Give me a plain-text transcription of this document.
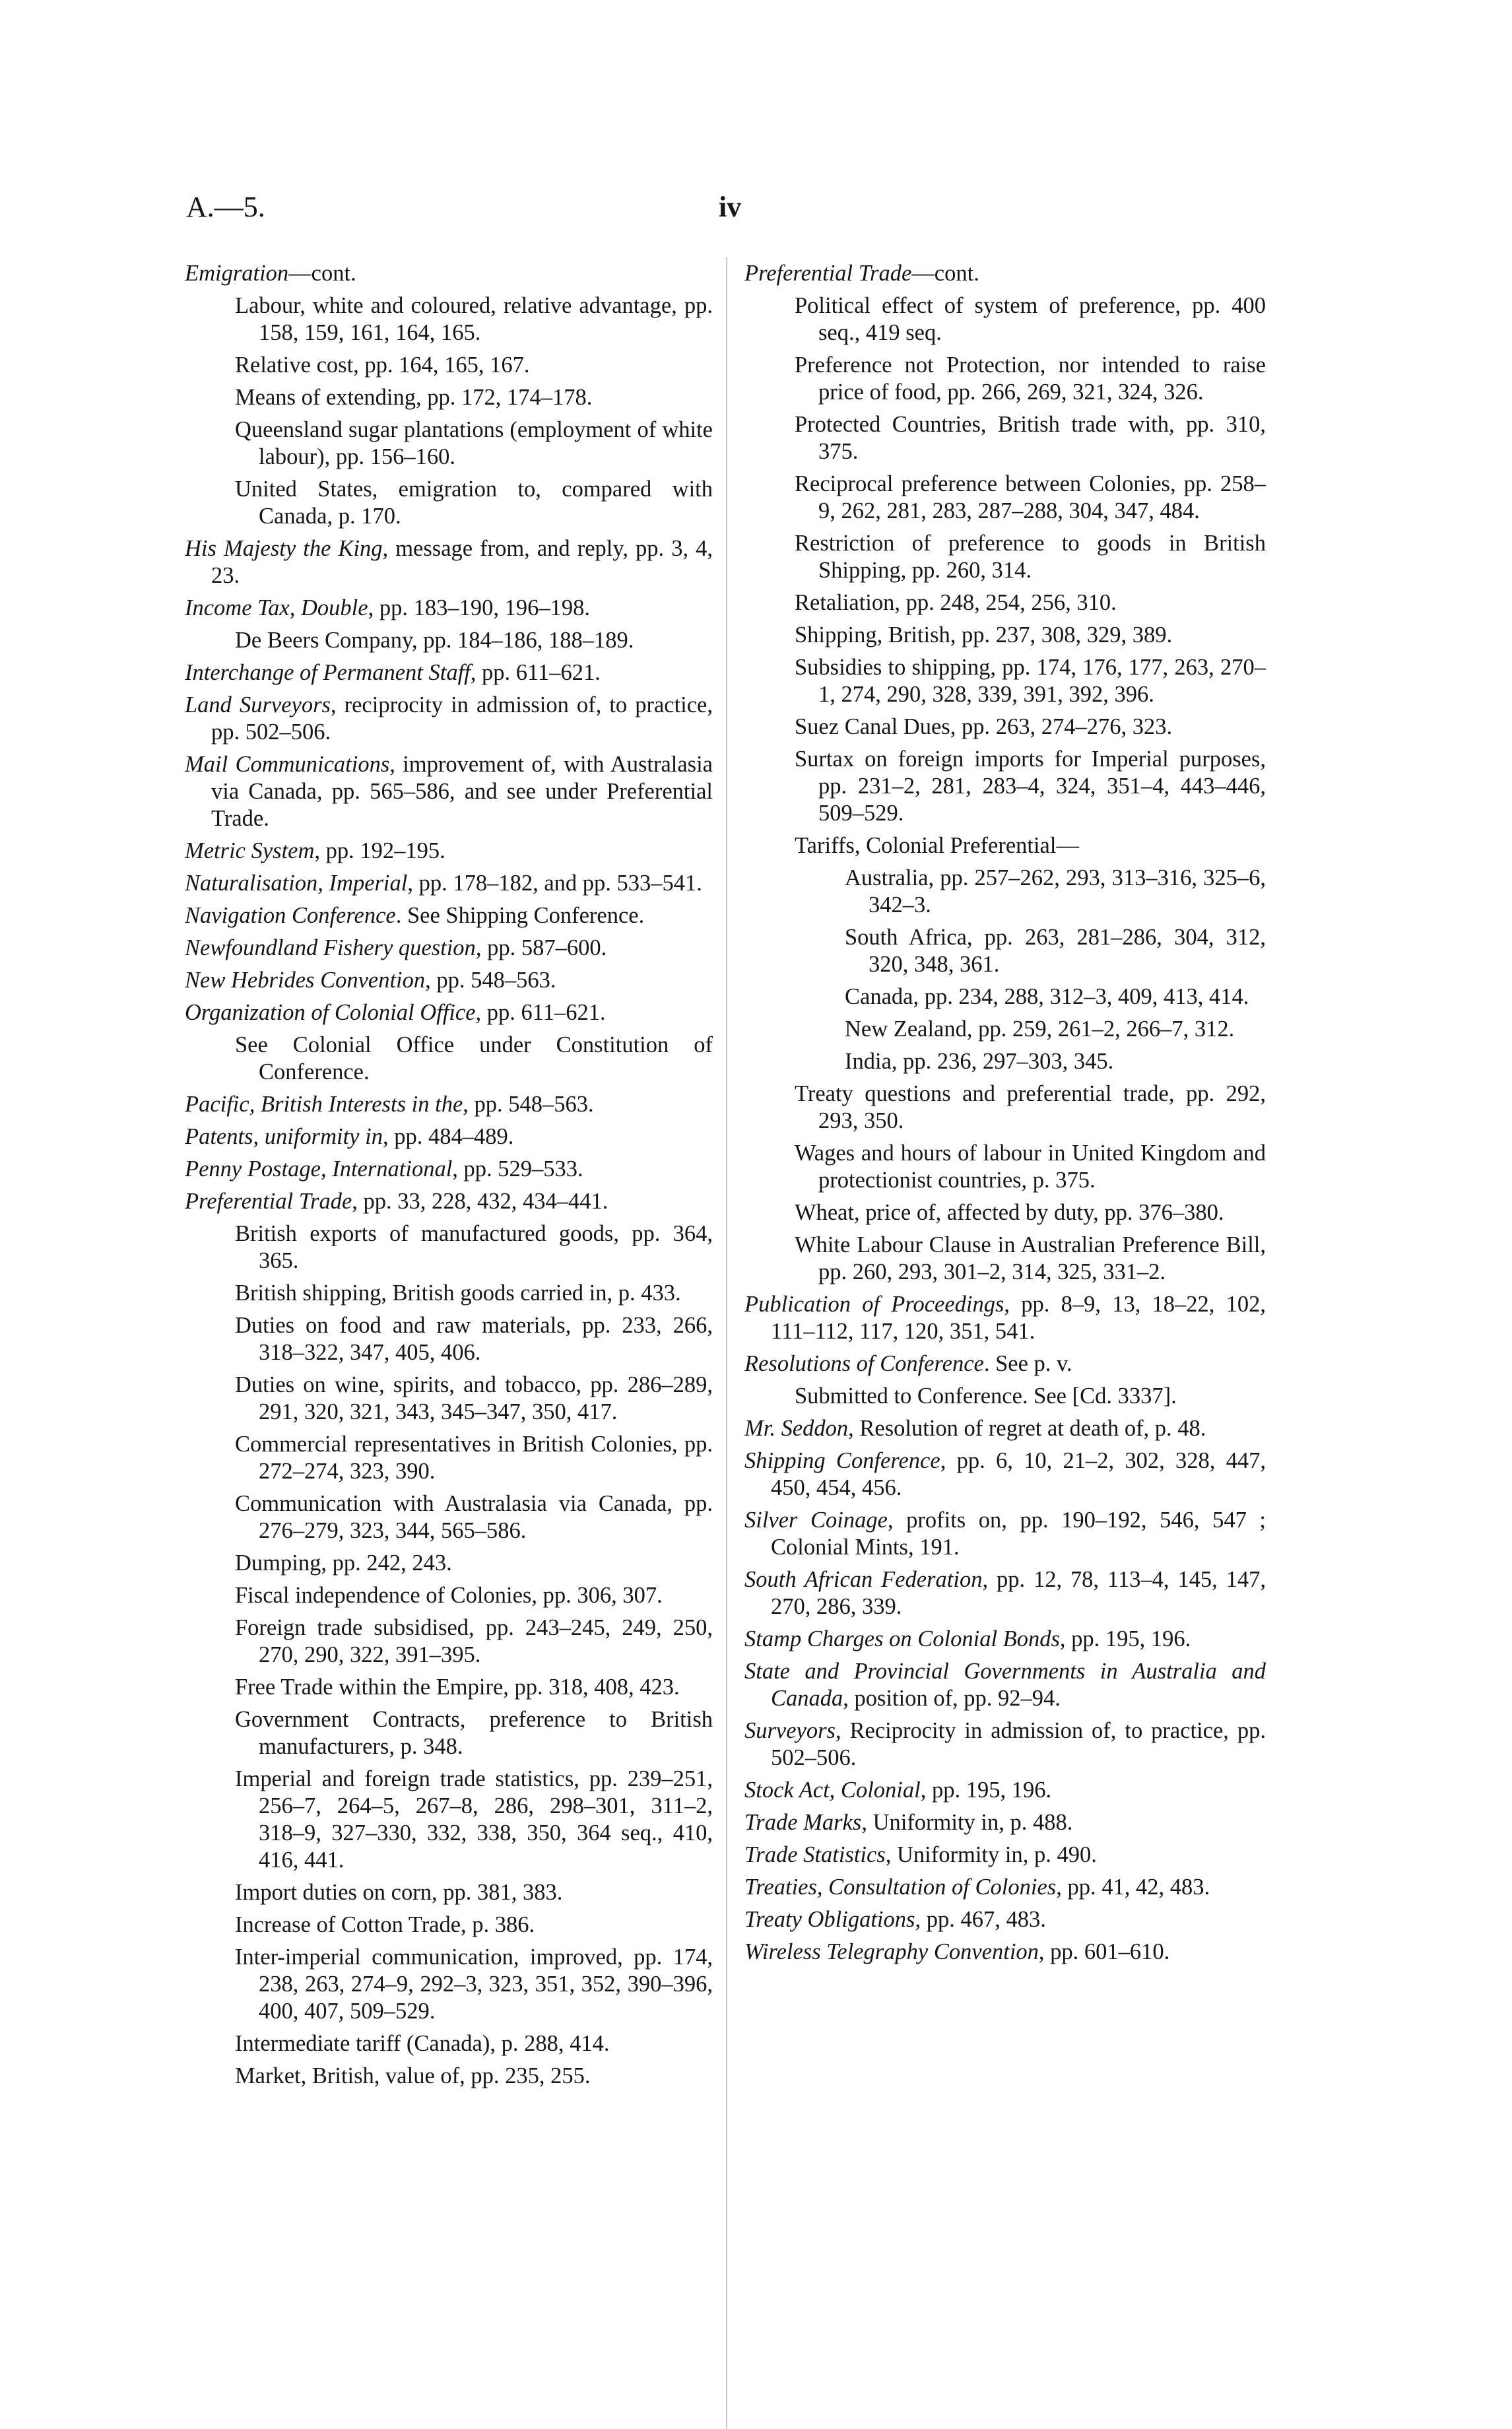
A.—5.	iv

Emigration—cont.

Labour, white and coloured, relative advantage, pp. 158, 159, 161, 164, 165.

Relative cost, pp. 164, 165, 167.

Means of extending, pp. 172, 174–178.

Queensland sugar plantations (employment of white labour), pp. 156–160.

United States, emigration to, compared with Canada, p. 170.

His Majesty the King, message from, and reply, pp. 3, 4, 23.

Income Tax, Double, pp. 183–190, 196–198.

De Beers Company, pp. 184–186, 188–189.

Interchange of Permanent Staff, pp. 611–621.

Land Surveyors, reciprocity in admission of, to practice, pp. 502–506.

Mail Communications, improvement of, with Australasia via Canada, pp. 565–586, and see under Preferential Trade.

Metric System, pp. 192–195.

Naturalisation, Imperial, pp. 178–182, and pp. 533–541.

Navigation Conference. See Shipping Conference.

Newfoundland Fishery question, pp. 587–600.

New Hebrides Convention, pp. 548–563.

Organization of Colonial Office, pp. 611–621.

See Colonial Office under Constitution of Conference.

Pacific, British Interests in the, pp. 548–563.

Patents, uniformity in, pp. 484–489.

Penny Postage, International, pp. 529–533.

Preferential Trade, pp. 33, 228, 432, 434–441.

British exports of manufactured goods, pp. 364, 365.

British shipping, British goods carried in, p. 433.

Duties on food and raw materials, pp. 233, 266, 318–322, 347, 405, 406.

Duties on wine, spirits, and tobacco, pp. 286–289, 291, 320, 321, 343, 345–347, 350, 417.

Commercial representatives in British Colonies, pp. 272–274, 323, 390.

Communication with Australasia via Canada, pp. 276–279, 323, 344, 565–586.

Dumping, pp. 242, 243.

Fiscal independence of Colonies, pp. 306, 307.

Foreign trade subsidised, pp. 243–245, 249, 250, 270, 290, 322, 391–395.

Free Trade within the Empire, pp. 318, 408, 423.

Government Contracts, preference to British manufacturers, p. 348.

Imperial and foreign trade statistics, pp. 239–251, 256–7, 264–5, 267–8, 286, 298–301, 311–2, 318–9, 327–330, 332, 338, 350, 364 seq., 410, 416, 441.

Import duties on corn, pp. 381, 383.

Increase of Cotton Trade, p. 386.

Inter-imperial communication, improved, pp. 174, 238, 263, 274–9, 292–3, 323, 351, 352, 390–396, 400, 407, 509–529.

Intermediate tariff (Canada), p. 288, 414.

Market, British, value of, pp. 235, 255.

Preferential Trade—cont.

Political effect of system of preference, pp. 400 seq., 419 seq.

Preference not Protection, nor intended to raise price of food, pp. 266, 269, 321, 324, 326.

Protected Countries, British trade with, pp. 310, 375.

Reciprocal preference between Colonies, pp. 258–9, 262, 281, 283, 287–288, 304, 347, 484.

Restriction of preference to goods in British Shipping, pp. 260, 314.

Retaliation, pp. 248, 254, 256, 310.

Shipping, British, pp. 237, 308, 329, 389.

Subsidies to shipping, pp. 174, 176, 177, 263, 270–1, 274, 290, 328, 339, 391, 392, 396.

Suez Canal Dues, pp. 263, 274–276, 323.

Surtax on foreign imports for Imperial purposes, pp. 231–2, 281, 283–4, 324, 351–4, 443–446, 509–529.

Tariffs, Colonial Preferential—

Australia, pp. 257–262, 293, 313–316, 325–6, 342–3.

South Africa, pp. 263, 281–286, 304, 312, 320, 348, 361.

Canada, pp. 234, 288, 312–3, 409, 413, 414.

New Zealand, pp. 259, 261–2, 266–7, 312.

India, pp. 236, 297–303, 345.

Treaty questions and preferential trade, pp. 292, 293, 350.

Wages and hours of labour in United Kingdom and protectionist countries, p. 375.

Wheat, price of, affected by duty, pp. 376–380.

White Labour Clause in Australian Preference Bill, pp. 260, 293, 301–2, 314, 325, 331–2.

Publication of Proceedings, pp. 8–9, 13, 18–22, 102, 111–112, 117, 120, 351, 541.

Resolutions of Conference. See p. v.

Submitted to Conference. See [Cd. 3337].

Mr. Seddon, Resolution of regret at death of, p. 48.

Shipping Conference, pp. 6, 10, 21–2, 302, 328, 447, 450, 454, 456.

Silver Coinage, profits on, pp. 190–192, 546, 547 ; Colonial Mints, 191.

South African Federation, pp. 12, 78, 113–4, 145, 147, 270, 286, 339.

Stamp Charges on Colonial Bonds, pp. 195, 196.

State and Provincial Governments in Australia and Canada, position of, pp. 92–94.

Surveyors, Reciprocity in admission of, to practice, pp. 502–506.

Stock Act, Colonial, pp. 195, 196.

Trade Marks, Uniformity in, p. 488.

Trade Statistics, Uniformity in, p. 490.

Treaties, Consultation of Colonies, pp. 41, 42, 483.

Treaty Obligations, pp. 467, 483.

Wireless Telegraphy Convention, pp. 601–610.
